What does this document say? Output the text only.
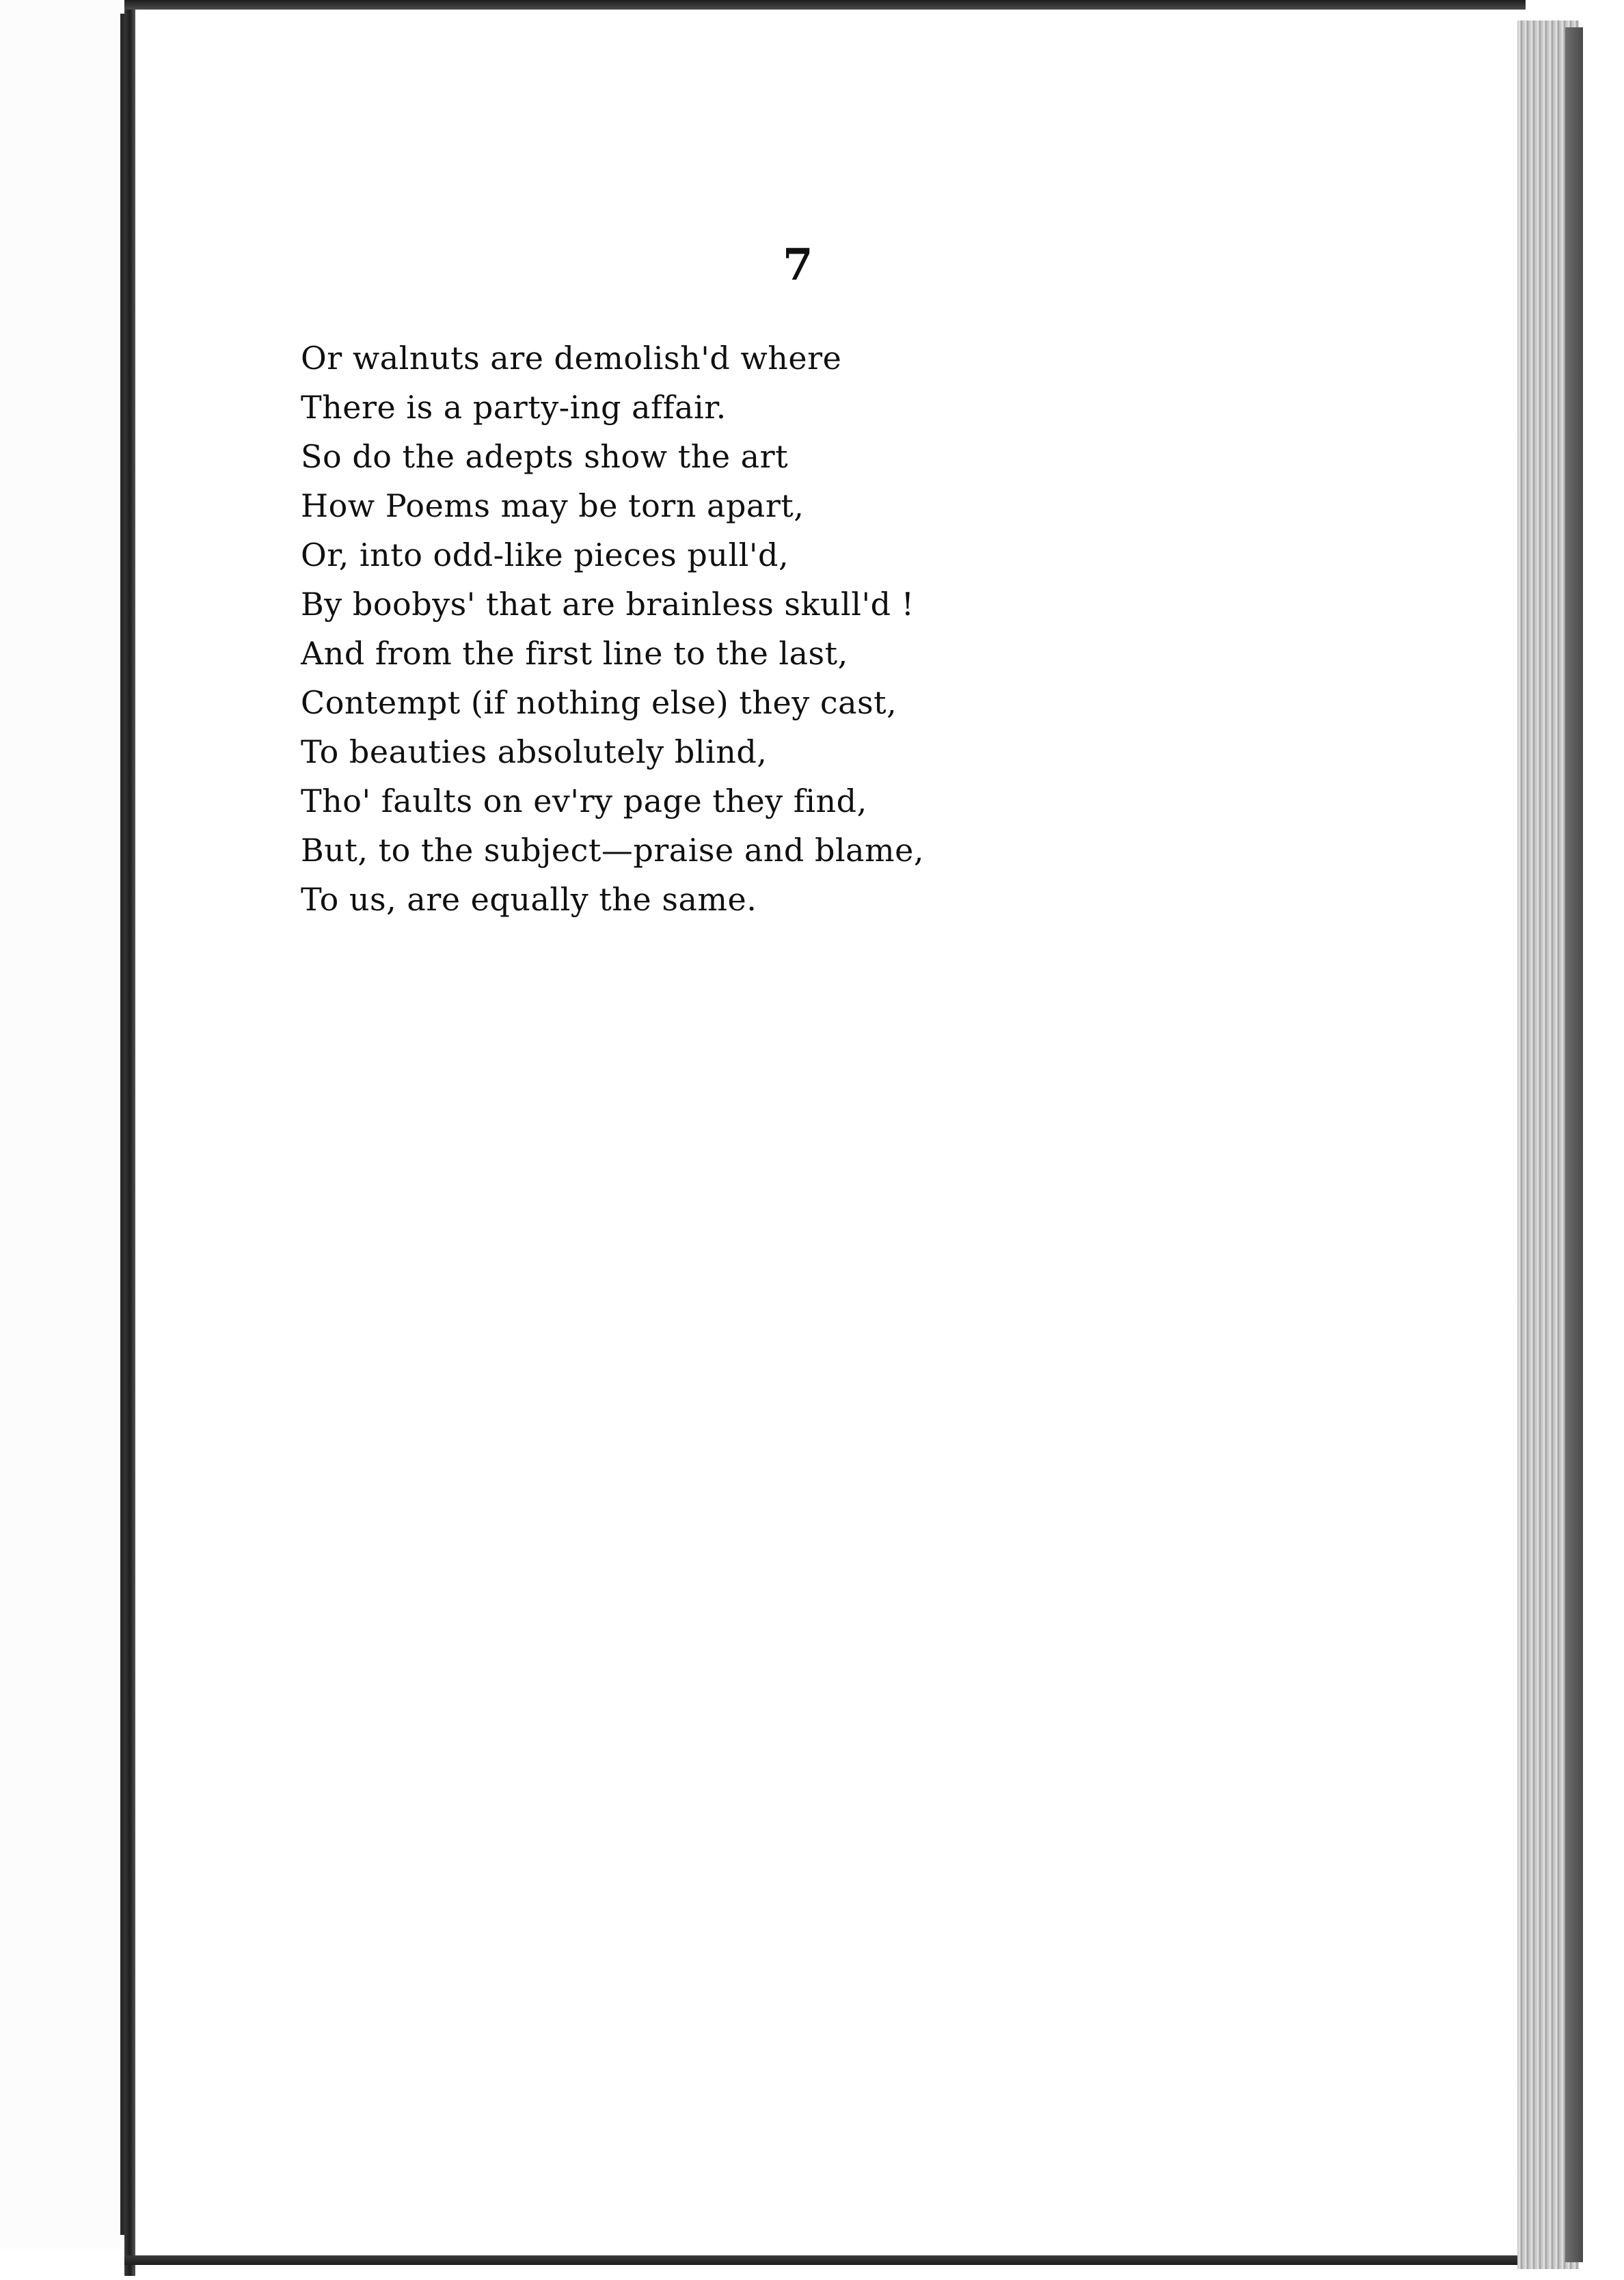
7

Or walnuts are demolish'd where
There is a party-ing affair.
So do the adepts show the art
How Poems may be torn apart,
Or, into odd-like pieces pull'd,
By boobys' that are brainless skull'd !
And from the first line to the last,
Contempt (if nothing else) they cast,
To beauties absolutely blind,
Tho' faults on ev'ry page they find,
But, to the subject—praise and blame,
To us, are equally the same.
